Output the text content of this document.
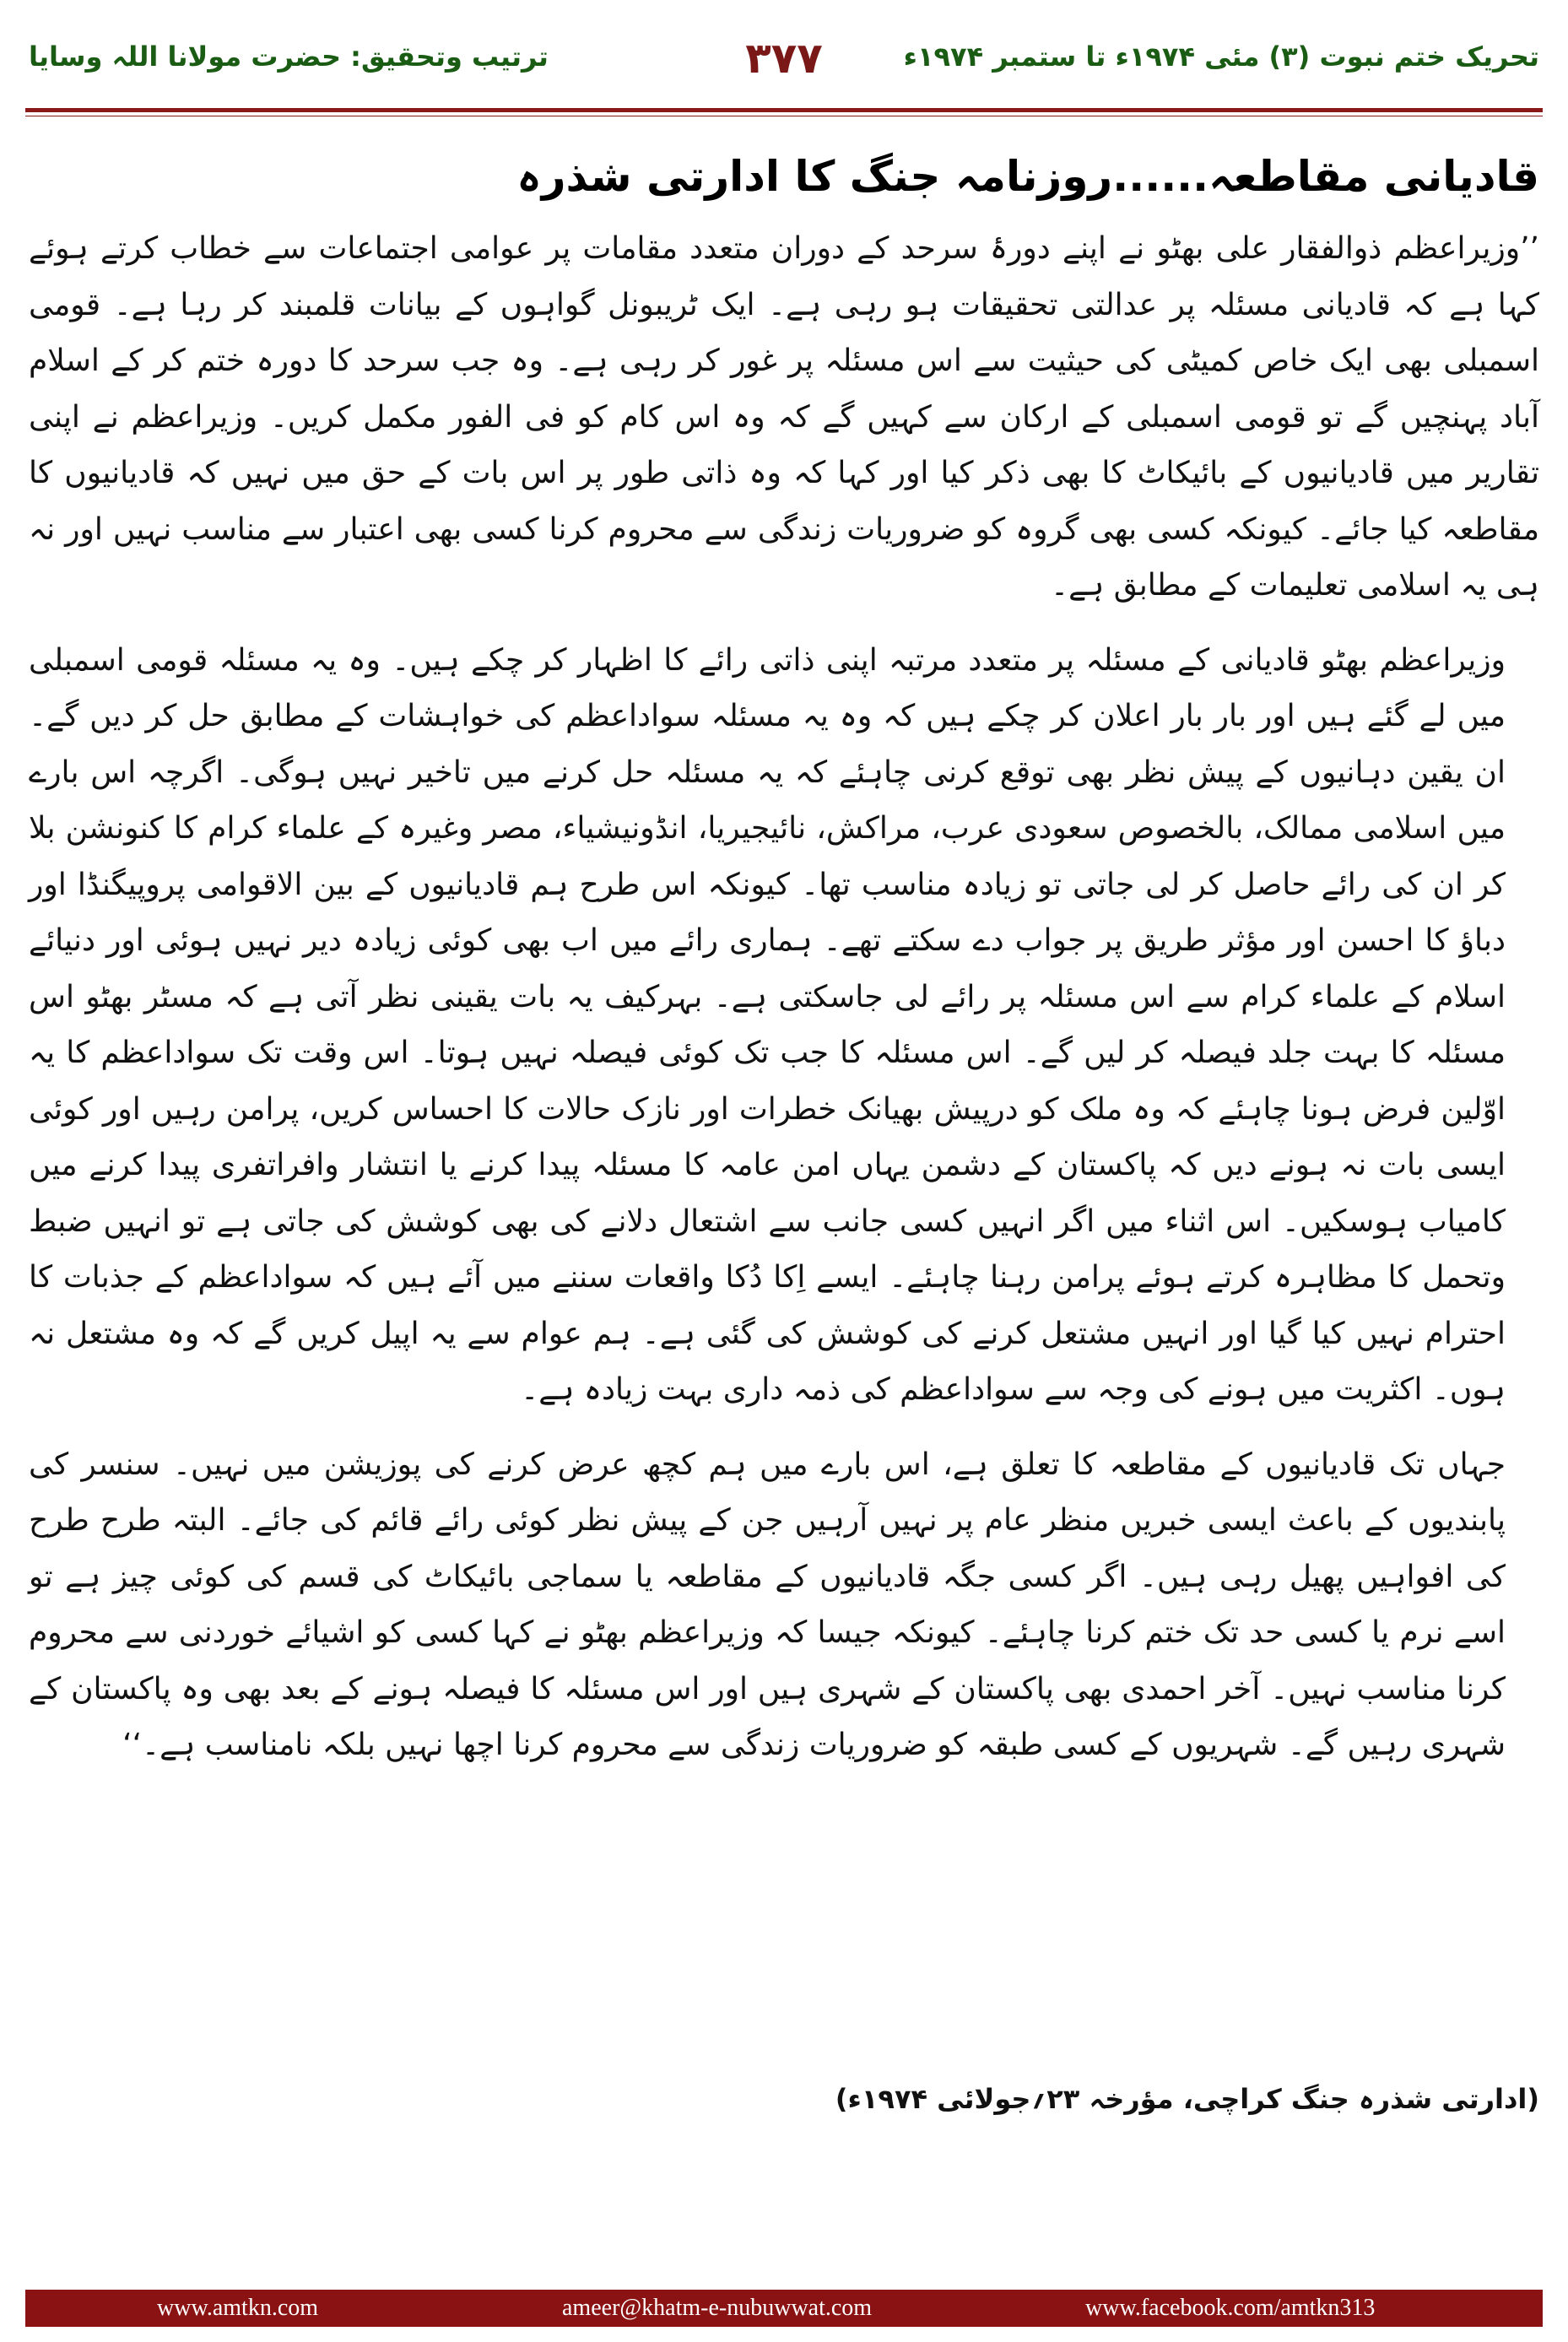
ترتیب وتحقیق: حضرت مولانا اللہ وسایا	۳۷۷	تحریک ختم نبوت (۳) مئی ۱۹۷۴ء تا ستمبر ۱۹۷۴ء
قادیانی مقاطعہ......روزنامہ جنگ کا ادارتی شذرہ

’’وزیراعظم ذوالفقار علی بھٹو نے اپنے دورۂ سرحد کے دوران متعدد مقامات پر عوامی اجتماعات سے خطاب کرتے ہوئے کہا ہے کہ قادیانی مسئلہ پر عدالتی تحقیقات ہو رہی ہے۔ ایک ٹریبونل گواہوں کے بیانات قلمبند کر رہا ہے۔ قومی اسمبلی بھی ایک خاص کمیٹی کی حیثیت سے اس مسئلہ پر غور کر رہی ہے۔ وہ جب سرحد کا دورہ ختم کر کے اسلام آباد پہنچیں گے تو قومی اسمبلی کے ارکان سے کہیں گے کہ وہ اس کام کو فی الفور مکمل کریں۔ وزیراعظم نے اپنی تقاریر میں قادیانیوں کے بائیکاٹ کا بھی ذکر کیا اور کہا کہ وہ ذاتی طور پر اس بات کے حق میں نہیں کہ قادیانیوں کا مقاطعہ کیا جائے۔ کیونکہ کسی بھی گروہ کو ضروریات زندگی سے محروم کرنا کسی بھی اعتبار سے مناسب نہیں اور نہ ہی یہ اسلامی تعلیمات کے مطابق ہے۔

وزیراعظم بھٹو قادیانی کے مسئلہ پر متعدد مرتبہ اپنی ذاتی رائے کا اظہار کر چکے ہیں۔ وہ یہ مسئلہ قومی اسمبلی میں لے گئے ہیں اور بار بار اعلان کر چکے ہیں کہ وہ یہ مسئلہ سواداعظم کی خواہشات کے مطابق حل کر دیں گے۔ ان یقین دہانیوں کے پیش نظر بھی توقع کرنی چاہئے کہ یہ مسئلہ حل کرنے میں تاخیر نہیں ہوگی۔ اگرچہ اس بارے میں اسلامی ممالک، بالخصوص سعودی عرب، مراکش، نائیجیریا، انڈونیشیاء، مصر وغیرہ کے علماء کرام کا کنونشن بلا کر ان کی رائے حاصل کر لی جاتی تو زیادہ مناسب تھا۔ کیونکہ اس طرح ہم قادیانیوں کے بین الاقوامی پروپیگنڈا اور دباؤ کا احسن اور مؤثر طریق پر جواب دے سکتے تھے۔ ہماری رائے میں اب بھی کوئی زیادہ دیر نہیں ہوئی اور دنیائے اسلام کے علماء کرام سے اس مسئلہ پر رائے لی جاسکتی ہے۔ بہرکیف یہ بات یقینی نظر آتی ہے کہ مسٹر بھٹو اس مسئلہ کا بہت جلد فیصلہ کر لیں گے۔ اس مسئلہ کا جب تک کوئی فیصلہ نہیں ہوتا۔ اس وقت تک سواداعظم کا یہ اوّلین فرض ہونا چاہئے کہ وہ ملک کو درپیش بھیانک خطرات اور نازک حالات کا احساس کریں، پرامن رہیں اور کوئی ایسی بات نہ ہونے دیں کہ پاکستان کے دشمن یہاں امن عامہ کا مسئلہ پیدا کرنے یا انتشار وافراتفری پیدا کرنے میں کامیاب ہوسکیں۔ اس اثناء میں اگر انہیں کسی جانب سے اشتعال دلانے کی بھی کوشش کی جاتی ہے تو انہیں ضبط وتحمل کا مظاہرہ کرتے ہوئے پرامن رہنا چاہئے۔ ایسے اِکا دُکا واقعات سننے میں آئے ہیں کہ سواداعظم کے جذبات کا احترام نہیں کیا گیا اور انہیں مشتعل کرنے کی کوشش کی گئی ہے۔ ہم عوام سے یہ اپیل کریں گے کہ وہ مشتعل نہ ہوں۔ اکثریت میں ہونے کی وجہ سے سواداعظم کی ذمہ داری بہت زیادہ ہے۔

جہاں تک قادیانیوں کے مقاطعہ کا تعلق ہے، اس بارے میں ہم کچھ عرض کرنے کی پوزیشن میں نہیں۔ سنسر کی پابندیوں کے باعث ایسی خبریں منظر عام پر نہیں آرہیں جن کے پیش نظر کوئی رائے قائم کی جائے۔ البتہ طرح طرح کی افواہیں پھیل رہی ہیں۔ اگر کسی جگہ قادیانیوں کے مقاطعہ یا سماجی بائیکاٹ کی قسم کی کوئی چیز ہے تو اسے نرم یا کسی حد تک ختم کرنا چاہئے۔ کیونکہ جیسا کہ وزیراعظم بھٹو نے کہا کسی کو اشیائے خوردنی سے محروم کرنا مناسب نہیں۔ آخر احمدی بھی پاکستان کے شہری ہیں اور اس مسئلہ کا فیصلہ ہونے کے بعد بھی وہ پاکستان کے شہری رہیں گے۔ شہریوں کے کسی طبقہ کو ضروریات زندگی سے محروم کرنا اچھا نہیں بلکہ نامناسب ہے۔‘‘

(ادارتی شذرہ جنگ کراچی، مؤرخہ ۲۳؍جولائی ۱۹۷۴ء)
www.amtkn.com	ameer@khatm-e-nubuwwat.com	www.facebook.com/amtkn313
